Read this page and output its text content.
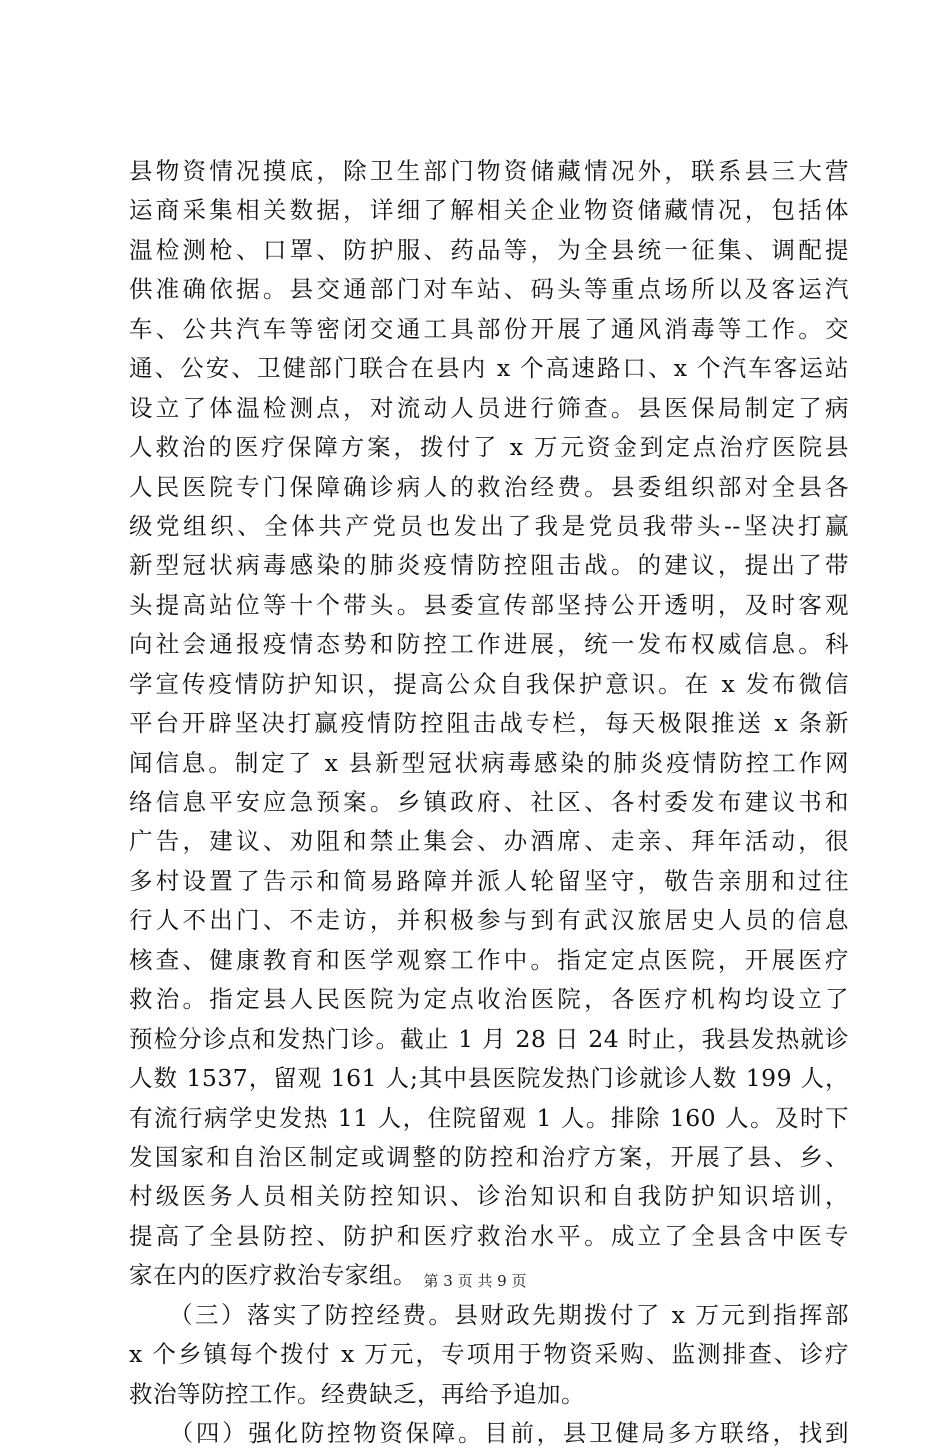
县物资情况摸底，除卫生部门物资储藏情况外，联系县三大营
运商采集相关数据，详细了解相关企业物资储藏情况，包括体
温检测枪、口罩、防护服、药品等，为全县统一征集、调配提
供准确依据。县交通部门对车站、码头等重点场所以及客运汽
车、公共汽车等密闭交通工具部份开展了通风消毒等工作。交
通、公安、卫健部门联合在县内 x 个高速路口、x 个汽车客运站
设立了体温检测点，对流动人员进行筛查。县医保局制定了病
人救治的医疗保障方案，拨付了 x 万元资金到定点治疗医院县
人民医院专门保障确诊病人的救治经费。县委组织部对全县各
级党组织、全体共产党员也发出了我是党员我带头--坚决打赢
新型冠状病毒感染的肺炎疫情防控阻击战。的建议，提出了带
头提高站位等十个带头。县委宣传部坚持公开透明，及时客观
向社会通报疫情态势和防控工作进展，统一发布权威信息。科
学宣传疫情防护知识，提高公众自我保护意识。在 x 发布微信
平台开辟坚决打赢疫情防控阻击战专栏，每天极限推送 x 条新
闻信息。制定了 x 县新型冠状病毒感染的肺炎疫情防控工作网
络信息平安应急预案。乡镇政府、社区、各村委发布建议书和
广告，建议、劝阻和禁止集会、办酒席、走亲、拜年活动，很
多村设置了告示和简易路障并派人轮留坚守，敬告亲朋和过往
行人不出门、不走访，并积极参与到有武汉旅居史人员的信息
核查、健康教育和医学观察工作中。指定定点医院，开展医疗
救治。指定县人民医院为定点收治医院，各医疗机构均设立了
预检分诊点和发热门诊。截止 1 月 28 日 24 时止，我县发热就诊
人数 1537，留观 161 人;其中县医院发热门诊就诊人数 199 人，
有流行病学史发热 11 人，住院留观 1 人。排除 160 人。及时下
发国家和自治区制定或调整的防控和治疗方案，开展了县、乡、
村级医务人员相关防控知识、诊治知识和自我防护知识培训，
提高了全县防控、防护和医疗救治水平。成立了全县含中医专
家在内的医疗救治专家组。
　　（三）落实了防控经费。县财政先期拨付了 x 万元到指挥部
x 个乡镇每个拨付 x 万元，专项用于物资采购、监测排查、诊疗
救治等防控工作。经费缺乏，再给予追加。
　　（四）强化防控物资保障。目前，县卫健局多方联络，找到
第 3 页 共 9 页
